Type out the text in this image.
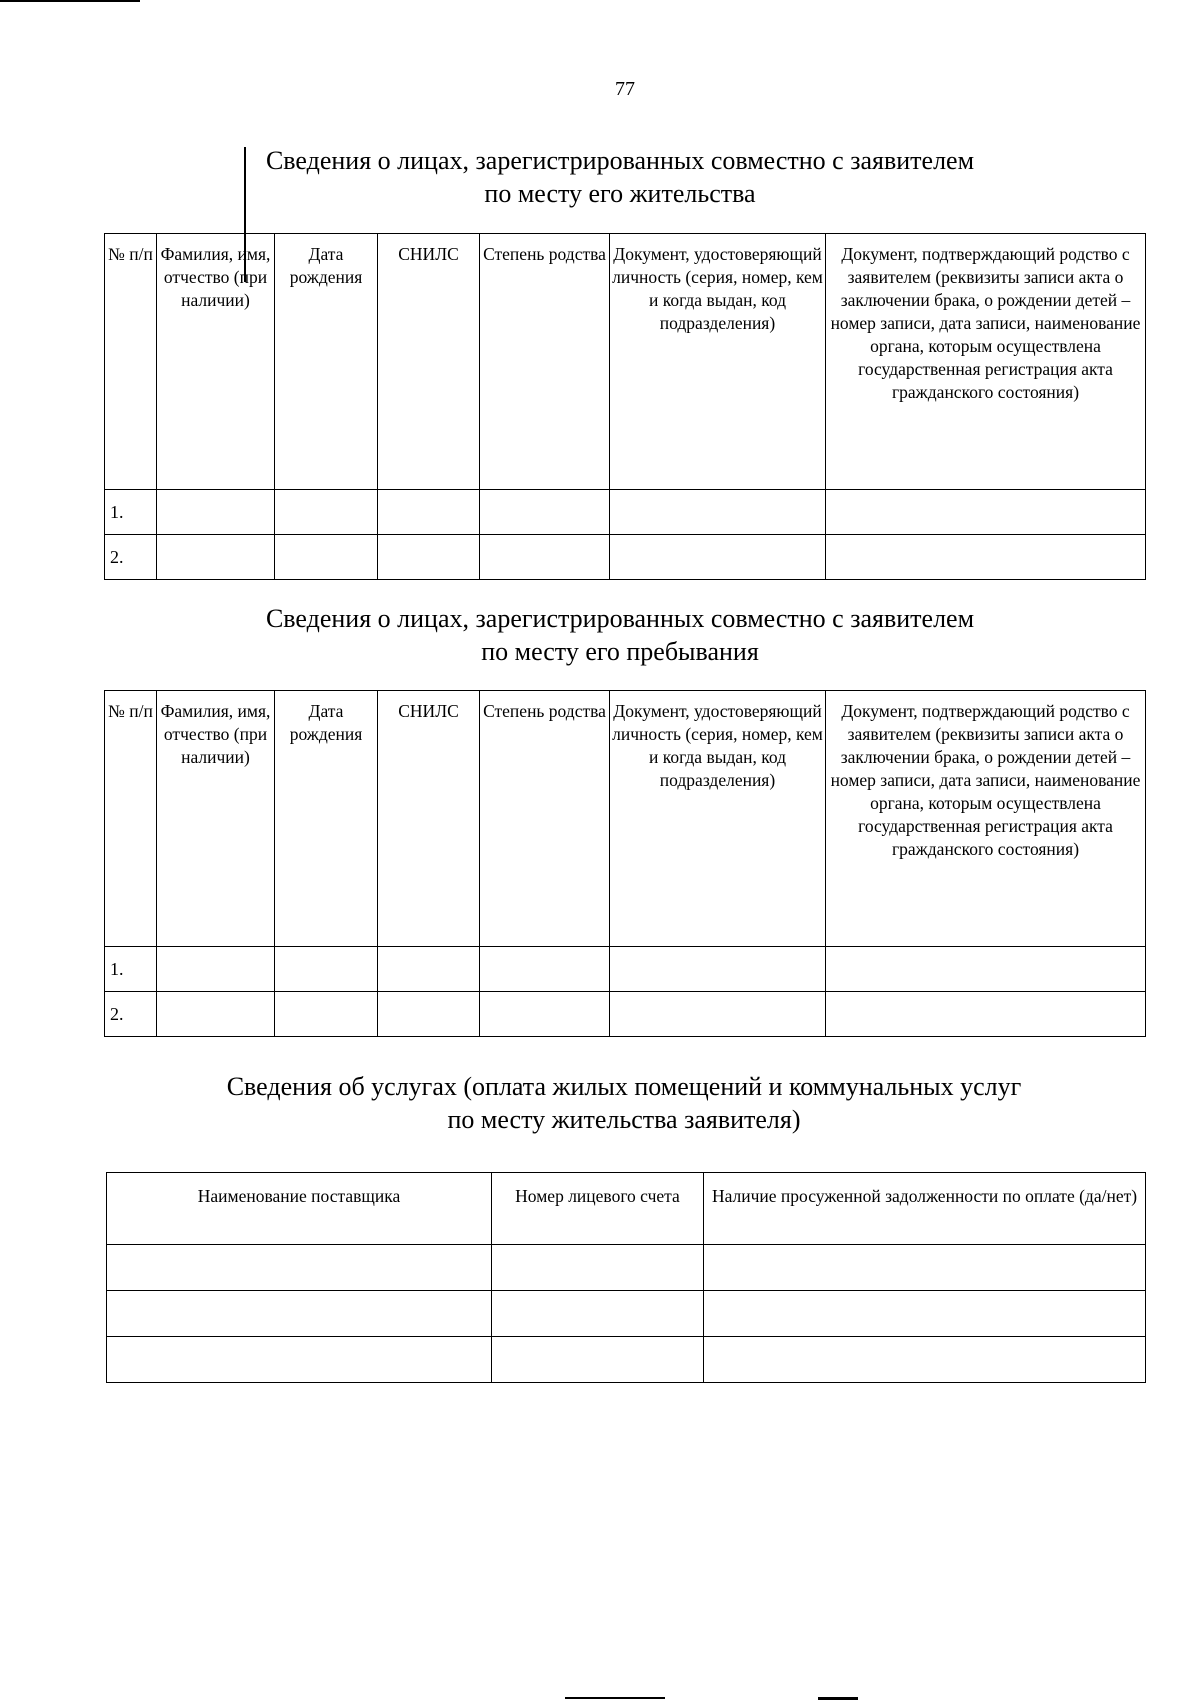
77
Сведения о лицах, зарегистрированных совместно с заявителем
по месту его жительства
№ п/п	Фамилия, имя, отчество (при наличии)	Дата рождения	СНИЛС	Степень родства	Документ, удостоверяющий личность (серия, номер, кем и когда выдан, код подразделения)	Документ, подтверждающий родство с заявителем (реквизиты записи акта о заключении брака, о рождении детей – номер записи, дата записи, наименование органа, которым осуществлена государственная регистрация акта гражданского состояния)
1.						
2.						
Сведения о лицах, зарегистрированных совместно с заявителем
по месту его пребывания
№ п/п	Фамилия, имя, отчество (при наличии)	Дата рождения	СНИЛС	Степень родства	Документ, удостоверяющий личность (серия, номер, кем и когда выдан, код подразделения)	Документ, подтверждающий родство с заявителем (реквизиты записи акта о заключении брака, о рождении детей – номер записи, дата записи, наименование органа, которым осуществлена государственная регистрация акта гражданского состояния)
1.						
2.						
Сведения об услугах (оплата жилых помещений и коммунальных услуг
по месту жительства заявителя)
Наименование поставщика	Номер лицевого счета	Наличие просуженной задолженности по оплате (да/нет)
